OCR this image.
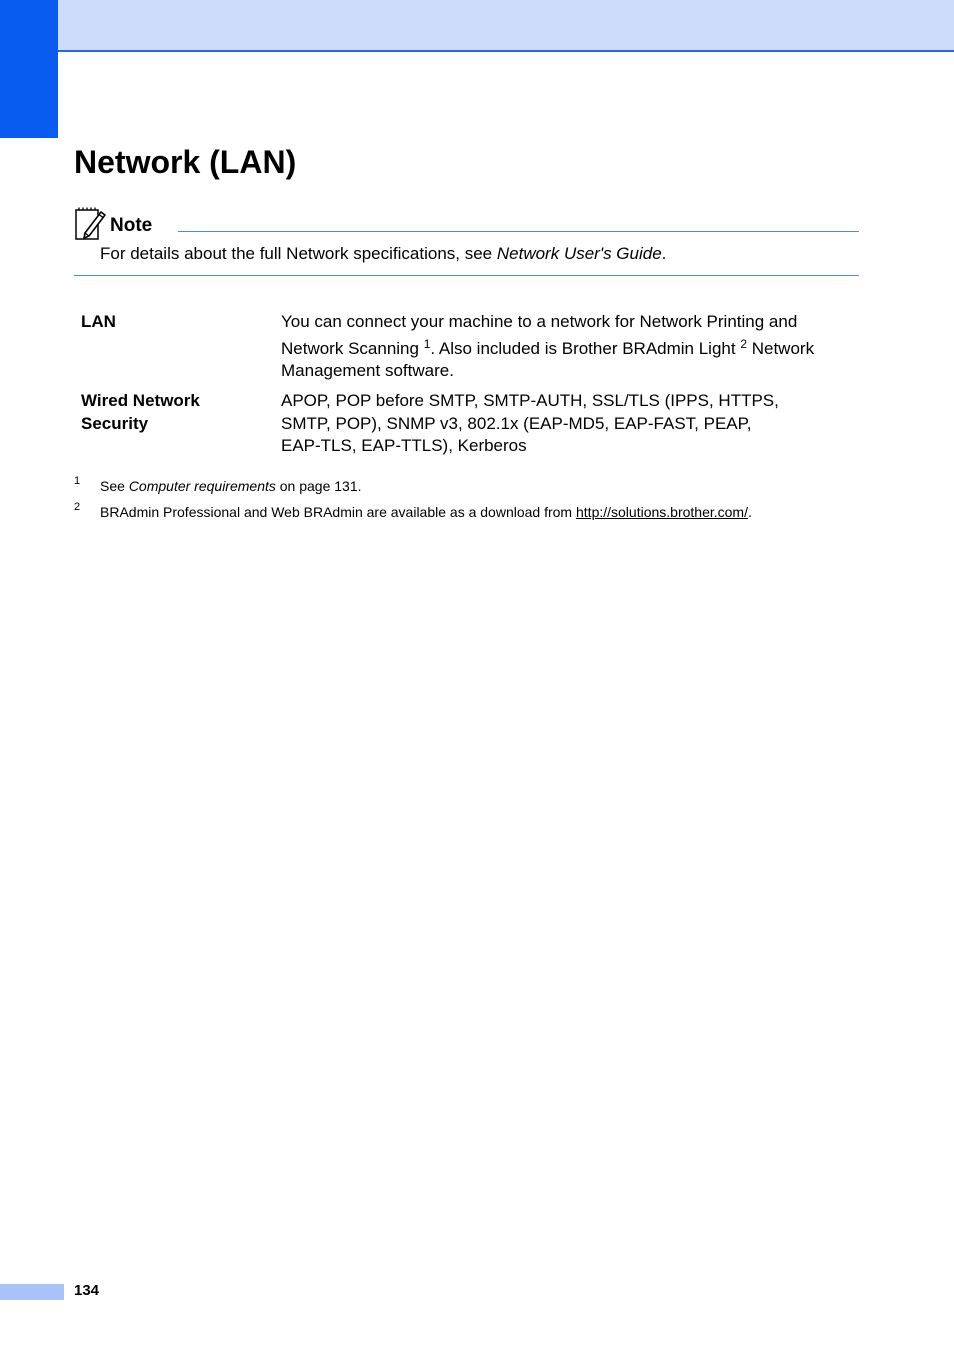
Network (LAN)
Note
For details about the full Network specifications, see Network User's Guide.
LAN	You can connect your machine to a network for Network Printing and

Network Scanning $^1$. Also included is Brother BRAdmin Light $^2$ Network

Management software.

Wired Network
Security

APOP, POP before SMTP, SMTP-AUTH, SSL/TLS (IPPS, HTTPS,

SMTP, POP), SNMP v3, 802.1x (EAP-MD5, EAP-FAST, PEAP,

EAP-TLS, EAP-TTLS), Kerberos

1 See Computer requirements on page 131.
2 BRAdmin Professional and Web BRAdmin are available as a download from http://solutions.brother.com/.
134
